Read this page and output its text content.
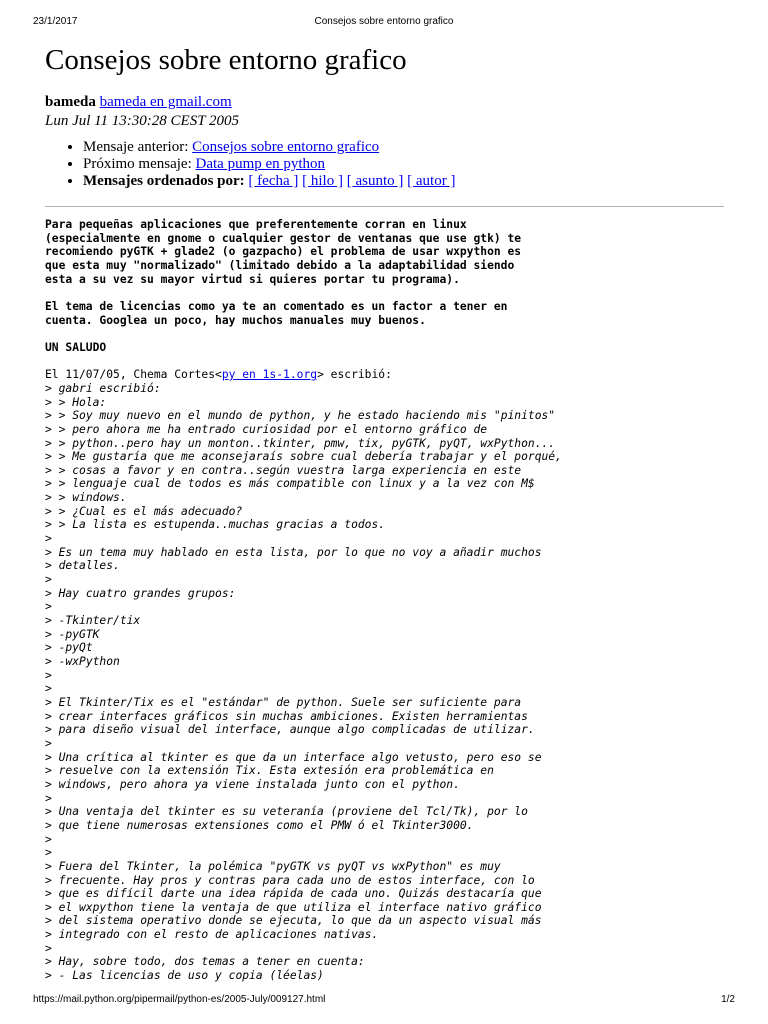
23/1/2017	Consejos sobre entorno grafico
Consejos sobre entorno grafico
bameda bameda en gmail.com
Lun Jul 11 13:30:28 CEST 2005
• Mensaje anterior: Consejos sobre entorno grafico
• Próximo mensaje: Data pump en python
• Mensajes ordenados por: [ fecha ] [ hilo ] [ asunto ] [ autor ]
Para pequeñas aplicaciones que preferentemente corran en linux
(especialmente en gnome o cualquier gestor de ventanas que use gtk) te
recomiendo pyGTK + glade2 (o gazpacho) el problema de usar wxpython es
que esta muy "normalizado" (limitado debido a la adaptabilidad siendo
esta a su vez su mayor virtud si quieres portar tu programa).

El tema de licencias como ya te an comentado es un factor a tener en
cuenta. Googlea un poco, hay muchos manuales muy buenos.

UN SALUDO

El 11/07/05, Chema Cortes<py en 1s-1.org> escribió:
> gabri escribió:
> > Hola:
> > Soy muy nuevo en el mundo de python, y he estado haciendo mis "pinitos"
> > pero ahora me ha entrado curiosidad por el entorno gráfico de
> > python..pero hay un monton..tkinter, pmw, tix, pyGTK, pyQT, wxPython...
> > Me gustaría que me aconsejaraís sobre cual debería trabajar y el porqué,
> > cosas a favor y en contra..según vuestra larga experiencia en este
> > lenguaje cual de todos es más compatible con linux y a la vez con M$
> > windows.
> > ¿Cual es el más adecuado?
> > La lista es estupenda..muchas gracias a todos.
>
> Es un tema muy hablado en esta lista, por lo que no voy a añadir muchos
> detalles.
>
> Hay cuatro grandes grupos:
>
> -Tkinter/tix
> -pyGTK
> -pyQt
> -wxPython
>
>
> El Tkinter/Tix es el "estándar" de python. Suele ser suficiente para
> crear interfaces gráficos sin muchas ambiciones. Existen herramientas
> para diseño visual del interface, aunque algo complicadas de utilizar.
>
> Una crítica al tkinter es que da un interface algo vetusto, pero eso se
> resuelve con la extensión Tix. Esta extesión era problemática en
> windows, pero ahora ya viene instalada junto con el python.
>
> Una ventaja del tkinter es su veteranía (proviene del Tcl/Tk), por lo
> que tiene numerosas extensiones como el PMW ó el Tkinter3000.
>
>
> Fuera del Tkinter, la polémica "pyGTK vs pyQT vs wxPython" es muy
> frecuente. Hay pros y contras para cada uno de estos interface, con lo
> que es difícil darte una idea rápida de cada uno. Quizás destacaría que
> el wxpython tiene la ventaja de que utiliza el interface nativo gráfico
> del sistema operativo donde se ejecuta, lo que da un aspecto visual más
> integrado con el resto de aplicaciones nativas.
>
> Hay, sobre todo, dos temas a tener en cuenta:
> - Las licencias de uso y copia (léelas)
https://mail.python.org/pipermail/python-es/2005-July/009127.html	1/2
